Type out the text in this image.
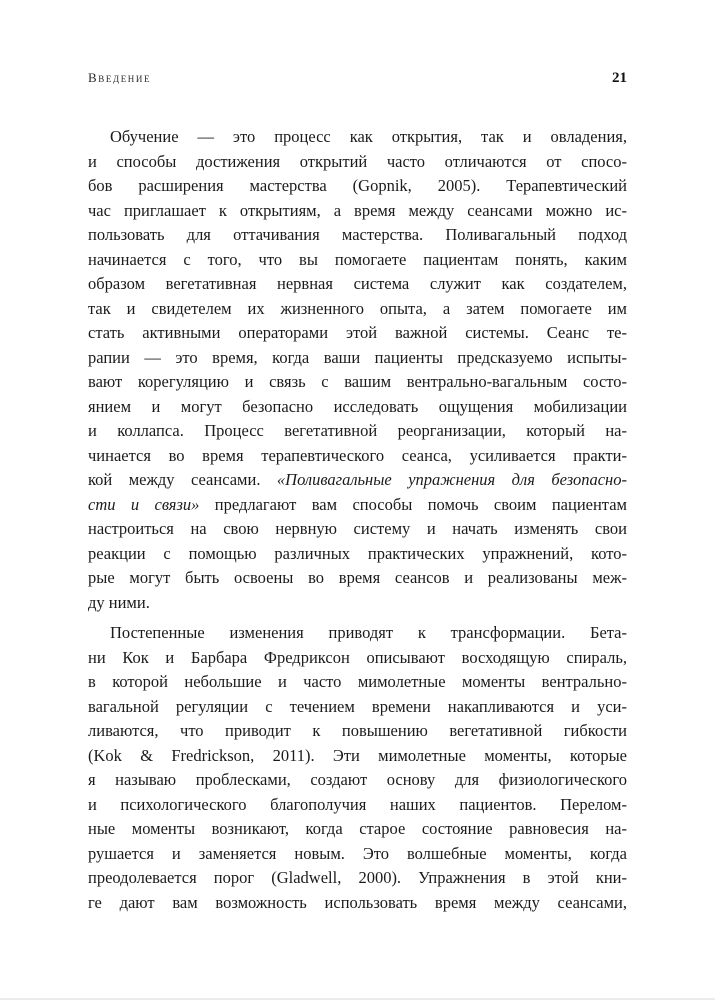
Введение	21

Обучение — это процесс как открытия, так и овладения,
и способы достижения открытий часто отличаются от спосо-
бов расширения мастерства (Gopnik, 2005). Терапевтический
час приглашает к открытиям, а время между сеансами можно ис-
пользовать для оттачивания мастерства. Поливагальный подход
начинается с того, что вы помогаете пациентам понять, каким
образом вегетативная нервная система служит как создателем,
так и свидетелем их жизненного опыта, а затем помогаете им
стать активными операторами этой важной системы. Сеанс те-
рапии — это время, когда ваши пациенты предсказуемо испыты-
вают корегуляцию и связь с вашим вентрально-вагальным состо-
янием и могут безопасно исследовать ощущения мобилизации
и коллапса. Процесс вегетативной реорганизации, который на-
чинается во время терапевтического сеанса, усиливается практи-
кой между сеансами. «Поливагальные упражнения для безопасно-
сти и связи» предлагают вам способы помочь своим пациентам
настроиться на свою нервную систему и начать изменять свои
реакции с помощью различных практических упражнений, кото-
рые могут быть освоены во время сеансов и реализованы меж-
ду ними.

Постепенные изменения приводят к трансформации. Бета-
ни Кок и Барбара Фредриксон описывают восходящую спираль,
в которой небольшие и часто мимолетные моменты вентрально-
вагальной регуляции с течением времени накапливаются и уси-
ливаются, что приводит к повышению вегетативной гибкости
(Kok & Fredrickson, 2011). Эти мимолетные моменты, которые
я называю проблесками, создают основу для физиологического
и психологического благополучия наших пациентов. Перелом-
ные моменты возникают, когда старое состояние равновесия на-
рушается и заменяется новым. Это волшебные моменты, когда
преодолевается порог (Gladwell, 2000). Упражнения в этой кни-
ге дают вам возможность использовать время между сеансами,
